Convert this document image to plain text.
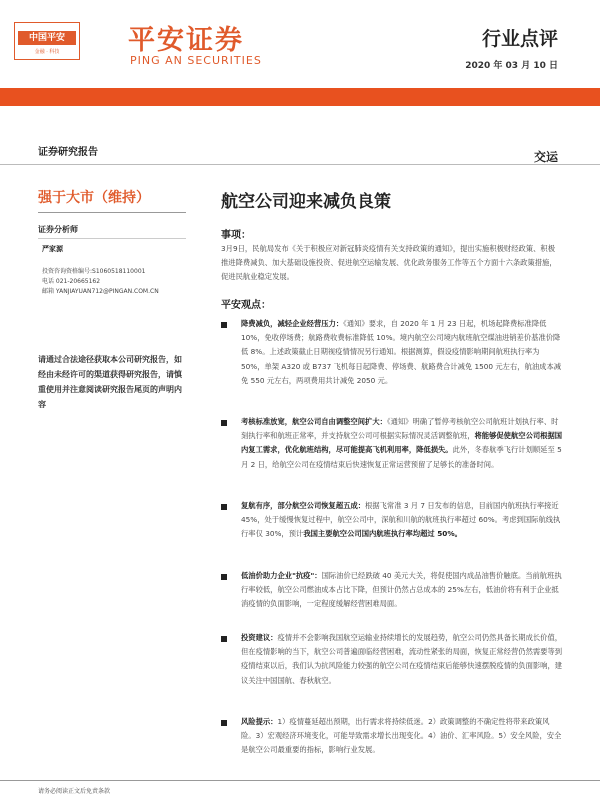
中国平安
金融 · 科技	平安证券
PING AN SECURITIES
行业点评
2020 年 03 月 10 日
证券研究报告	交运
强于大市（维持）
证券分析师
严家源
投资咨询资格编号:S1060518110001
电话 021-20665162
邮箱 YANJIAYUAN712@PINGAN.COM.CN
请通过合法途径获取本公司研究报告，如经由未经许可的渠道获得研究报告，请慎重使用并注意阅读研究报告尾页的声明内容
航空公司迎来减负良策
事项：
3月9日，民航局发布《关于积极应对新冠肺炎疫情有关支持政策的通知》，提出实施积极财经政策、积极推进降费减负、加大基础设施投资、促进航空运输发展、优化政务服务工作等五个方面十六条政策措施，促进民航业稳定发展。
平安观点：
降费减负，减轻企业经营压力：《通知》要求，自 2020 年 1 月 23 日起，机场起降费标准降低 10%，免收停场费；航路费收费标准降低 10%。境内航空公司境内航班航空煤油进销差价基准价降低 8%。上述政策截止日期视疫情情况另行通知。根据测算，假设疫情影响期间航班执行率为 50%，单架 A320 或 B737 飞机每日起降费、停场费、航路费合计减免 1500 元左右，航油成本减免 550 元左右，两项费用共计减免 2050 元。
考核标准放宽，航空公司自由调整空间扩大：《通知》明确了暂停考核航空公司航班计划执行率、时刻执行率和航班正常率，并支持航空公司可根据实际情况灵活调整航班，将能够促使航空公司根据国内复工需求，优化航班结构，尽可能提高飞机利用率，降低损失。此外，冬春航季飞行计划顺延至 5 月 2 日，给航空公司在疫情结束后快速恢复正常运营预留了足够长的准备时间。
复航有序，部分航空公司恢复超五成：根据飞常准 3 月 7 日发布的信息，目前国内航班执行率接近 45%，处于缓慢恢复过程中，航空公司中，深航和川航的航班执行率超过 60%。考虑到国际航线执行率仅 30%，预计我国主要航空公司国内航班执行率均超过 50%。
低油价助力企业"抗疫"：国际油价已经跌破 40 美元大关，将促使国内成品油售价触底。当前航班执行率较低，航空公司燃油成本占比下降，但预计仍然占总成本的 25%左右，低油价将有利于企业抵消疫情的负面影响，一定程度缓解经营困难局面。
投资建议：疫情并不会影响我国航空运输业持续增长的发展趋势，航空公司仍然具备长期成长价值，但在疫情影响的当下，航空公司普遍面临经营困难，流动性紧张的局面，恢复正常经营仍然需要等到疫情结束以后，我们认为抗风险能力较强的航空公司在疫情结束后能够快速摆脱疫情的负面影响，建议关注中国国航、春秋航空。
风险提示：1）疫情蔓延超出预期，出行需求将持续低迷。2）政策调整的不确定性将带来政策风险。3）宏观经济环境变化，可能导致需求增长出现变化。4）油价、汇率风险。5）安全风险，安全是航空公司最重要的指标，影响行业发展。
请务必阅读正文后免责条款
